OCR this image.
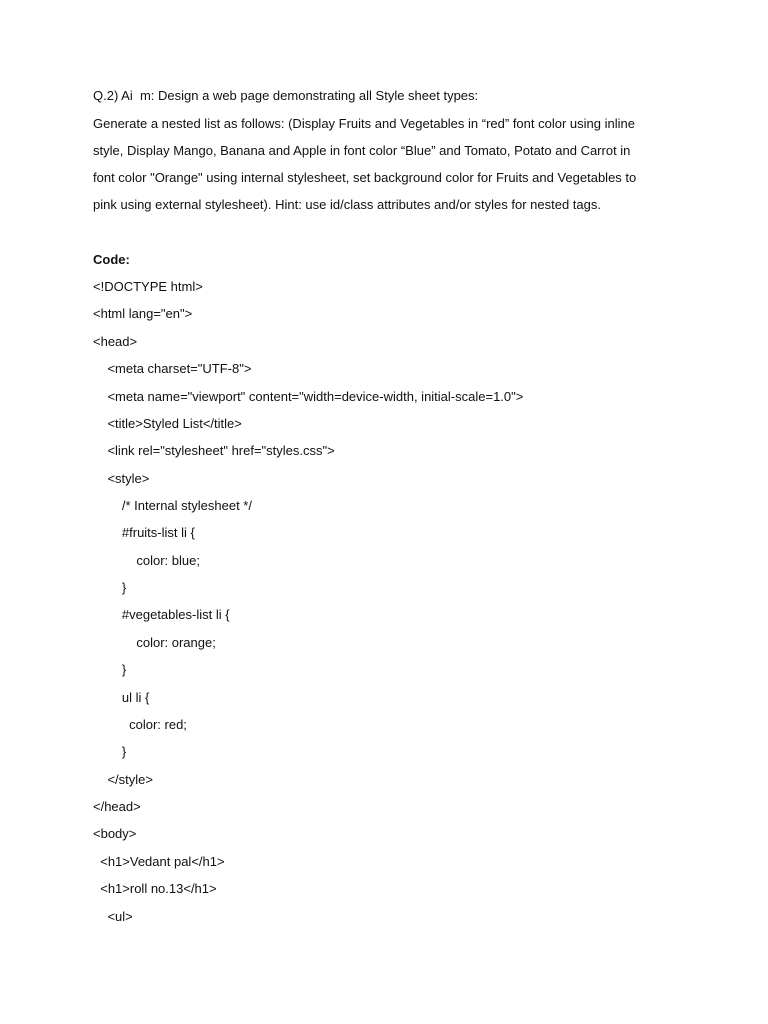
Q.2) Ai  m: Design a web page demonstrating all Style sheet types:
Generate a nested list as follows: (Display Fruits and Vegetables in “red” font color using inline
style, Display Mango, Banana and Apple in font color “Blue” and Tomato, Potato and Carrot in
font color "Orange" using internal stylesheet, set background color for Fruits and Vegetables to
pink using external stylesheet). Hint: use id/class attributes and/or styles for nested tags.
Code:
<!DOCTYPE html>
<html lang="en">
<head>
<meta charset="UTF-8">
<meta name="viewport" content="width=device-width, initial-scale=1.0">
<title>Styled List</title>
<link rel="stylesheet" href="styles.css">
<style>
/* Internal stylesheet */
#fruits-list li {
color: blue;
}
#vegetables-list li {
color: orange;
}
ul li {
color: red;
}
</style>
</head>
<body>
<h1>Vedant pal</h1>
<h1>roll no.13</h1>
<ul>
